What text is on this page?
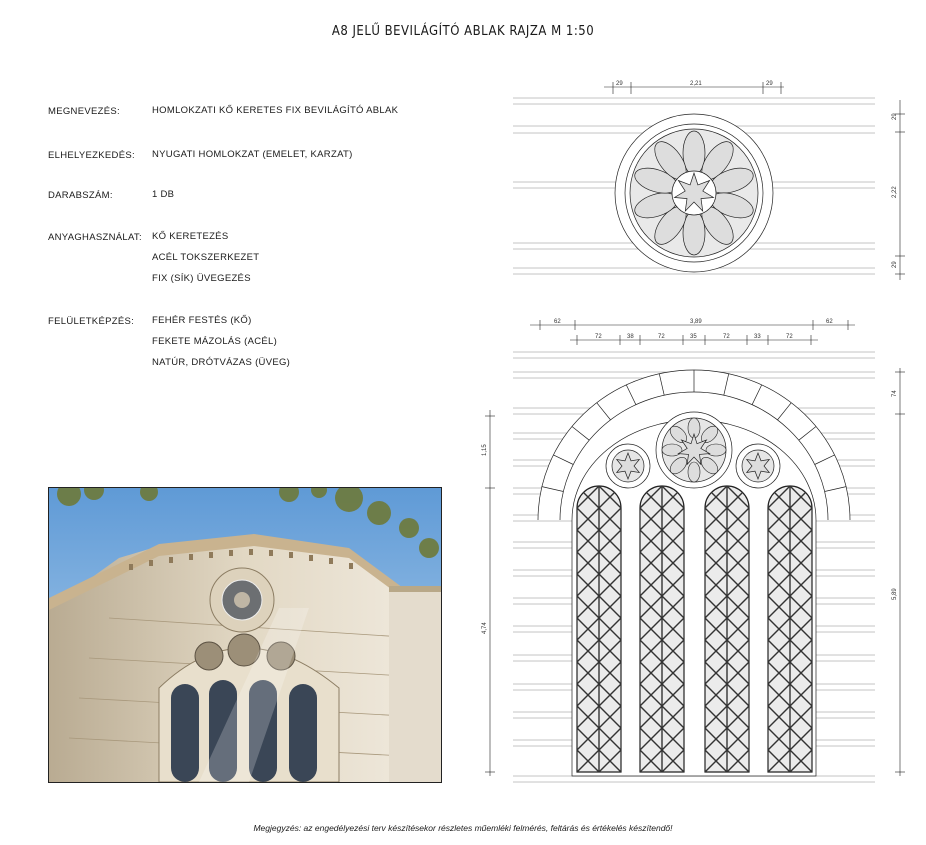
A8 JELŰ BEVILÁGÍTÓ ABLAK RAJZA M 1:50
MEGNEVEZÉS:	HOMLOKZATI KŐ KERETES FIX BEVILÁGÍTÓ ABLAK
ELHELYEZKEDÉS: NYUGATI HOMLOKZAT (EMELET, KARZAT)
DARABSZÁM:	1 DB
ANYAGHASZNÁLAT: KŐ KERETEZÉS
ACÉL TOKSZERKEZET
FIX (SÍK) ÜVEGEZÉS
FELÜLETKÉPZÉS: FEHÉR FESTÉS (KŐ)
FEKETE MÁZOLÁS (ACÉL)
NATÚR, DRÓTVÁZAS (ÜVEG)
29	2,21	29
29
2,22
29
62	3,89	62
72	38	72	35	72	33	72
1,15
4,74
74
5,89
Megjegyzés: az engedélyezési terv készítésekor részletes műemléki felmérés, feltárás és értékelés készítendő!
